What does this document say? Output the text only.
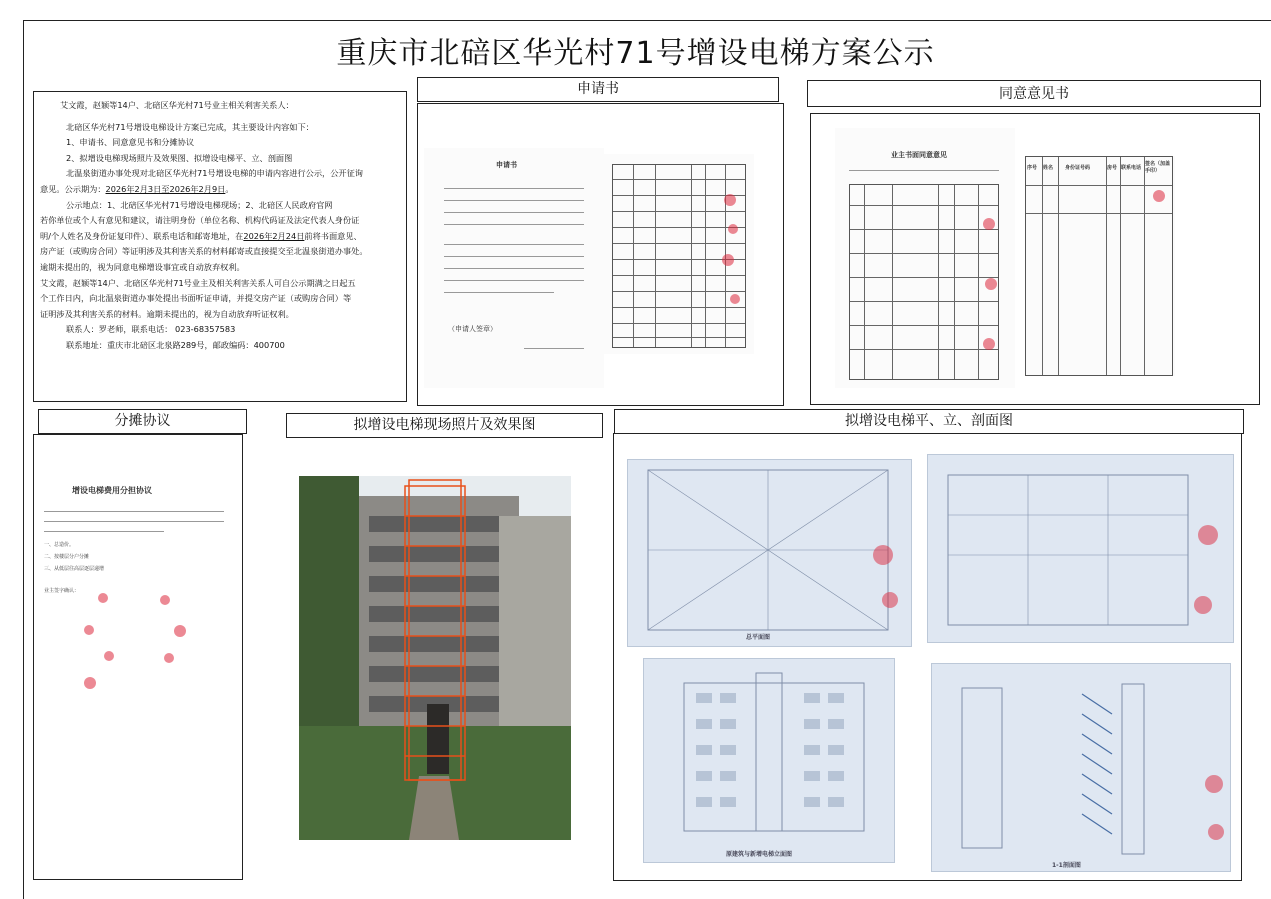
重庆市北碚区华光村71号增设电梯方案公示

艾文霞，赵颖等14户、北碚区华光村71号业主相关利害关系人：

北碚区华光村71号增设电梯设计方案已完成，其主要设计内容如下：

1、申请书、同意意见书和分摊协议

2、拟增设电梯现场照片及效果图、拟增设电梯平、立、剖面图

北温泉街道办事处现对北碚区华光村71号增设电梯的申请内容进行公示，公开征询

意见。公示期为：2026年2月3日至2026年2月9日。

公示地点：1、北碚区华光村71号增设电梯现场；2、北碚区人民政府官网

若你单位或个人有意见和建议，请注明身份（单位名称、机构代码证及法定代表人身份证

明/个人姓名及身份证复印件）、联系电话和邮寄地址，在2026年2月24日前将书面意见、

房产证（或购房合同）等证明涉及其利害关系的材料邮寄或直接提交至北温泉街道办事处。

逾期未提出的，视为同意电梯增设事宜或自动放弃权利。

艾文霞，赵颖等14户、北碚区华光村71号业主及相关利害关系人可自公示期满之日起五

个工作日内，向北温泉街道办事处提出书面听证申请，并提交房产证（或购房合同）等

证明涉及其利害关系的材料。逾期未提出的，视为自动放弃听证权利。

联系人：罗老师，联系电话： 023-68357583

联系地址：重庆市北碚区北泉路289号，邮政编码：400700

申请书
申请书
（申请人签章）
同意意见书
业主书面同意意见
序号 姓名 身份证号码	房号 联系电话
签名（加盖手印）
分摊协议
增设电梯费用分担协议
一、总造价。
二、按楼层分户分摊
三、从低层往高层逐层递增
业主签字确认：
拟增设电梯现场照片及效果图	拟增设电梯平、立、剖面图
总平面图
原建筑与新增电梯立面图
1-1剖面图
